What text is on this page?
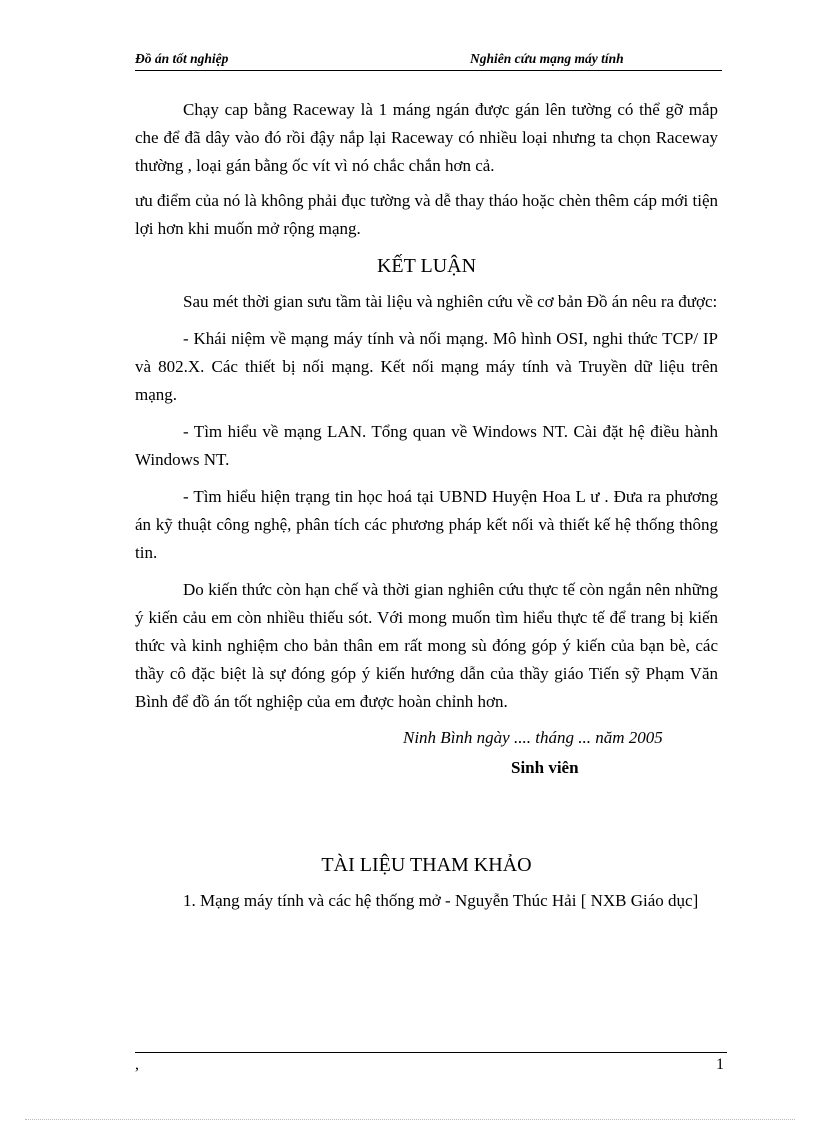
Đồ án tốt nghiệp	Nghiên cứu mạng máy tính

Chạy cap bằng Raceway là 1 máng ngán được gán lên tường có thể gỡ mắp che để đã dây vào đó rồi đậy nắp lại Raceway có nhiều loại nhưng ta chọn Raceway thường , loại gán bằng ốc vít vì nó chắc chắn hơn cả.

ưu điểm của nó là không phải đục tường và dễ thay tháo hoặc chèn thêm cáp mới tiện lợi hơn khi muốn mở rộng mạng.

KẾT LUẬN

Sau mét thời gian sưu tầm tài liệu và nghiên cứu về cơ bản Đồ án nêu ra được:

- Khái niệm về mạng máy tính và nối mạng. Mô hình OSI, nghi thức TCP/ IP và 802.X. Các thiết bị nối mạng. Kết nối mạng máy tính và Truyền dữ liệu trên mạng.

- Tìm hiểu về mạng LAN. Tổng quan về Windows NT. Cài đặt hệ điều hành Windows NT.

- Tìm hiểu hiện trạng tin học hoá tại UBND Huyện Hoa L ư . Đưa ra phương án kỹ thuật công nghệ, phân tích các phương pháp kết nối và thiết kế hệ thống thông tin.

Do kiến thức còn hạn chế và thời gian nghiên cứu thực tế còn ngắn nên những ý kiến cảu em còn nhiều thiếu sót. Với mong muốn tìm hiểu thực tế để trang bị kiến thức và kinh nghiệm cho bản thân em rất mong sù đóng góp ý kiến của bạn bè, các thầy cô đặc biệt là sự đóng góp ý kiến hướng dẫn của thầy giáo Tiến sỹ Phạm Văn Bình để đồ án tốt nghiệp của em được hoàn chỉnh hơn.

Ninh Bình ngày .... tháng ... năm 2005

Sinh viên

TÀI LIỆU THAM KHẢO

1. Mạng máy tính và các hệ thống mở - Nguyễn Thúc Hải [ NXB Giáo dục]

,	1
